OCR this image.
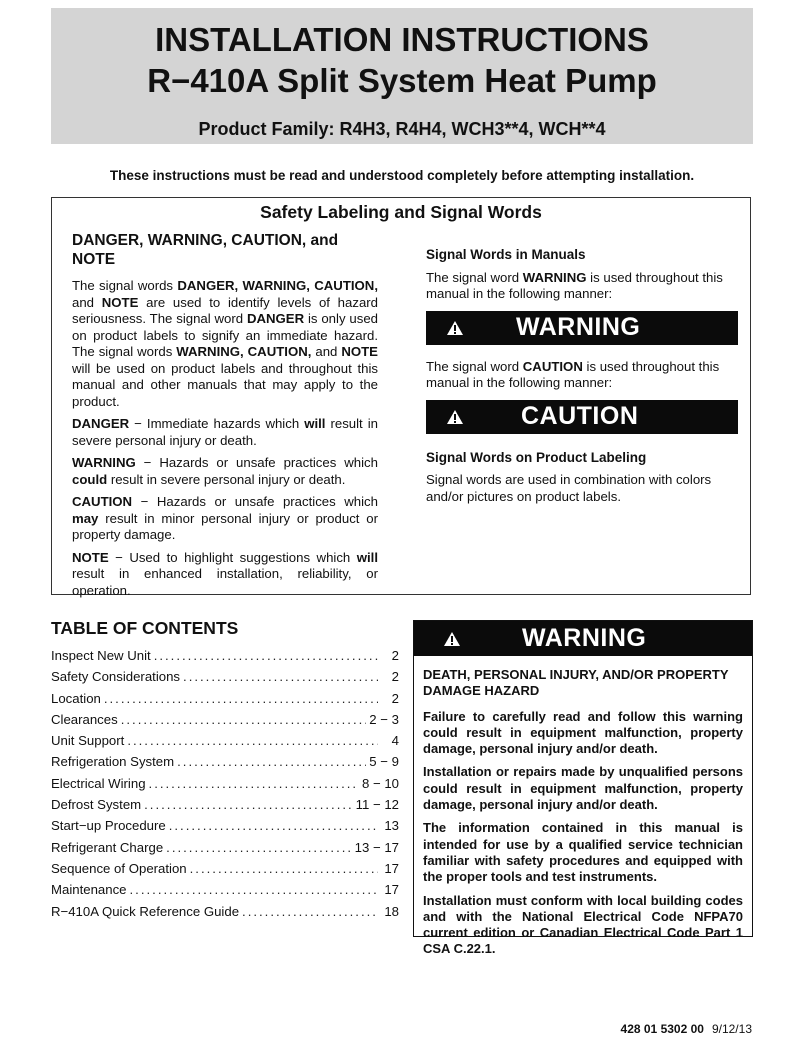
INSTALLATION INSTRUCTIONS
R−410A Split System Heat Pump
Product Family: R4H3, R4H4, WCH3**4, WCH**4
These instructions must be read and understood completely before attempting installation.
Safety Labeling and Signal Words
DANGER, WARNING, CAUTION, and NOTE

The signal words DANGER, WARNING, CAUTION, and NOTE are used to identify levels of hazard seriousness. The signal word DANGER is only used on product labels to signify an immediate hazard. The signal words WARNING, CAUTION, and NOTE will be used on product labels and throughout this manual and other manuals that may apply to the product.

DANGER − Immediate hazards which will result in severe personal injury or death.

WARNING − Hazards or unsafe practices which could result in severe personal injury or death.

CAUTION − Hazards or unsafe practices which may result in minor personal injury or product or property damage.

NOTE − Used to highlight suggestions which will result in enhanced installation, reliability, or operation.

Signal Words in Manuals

The signal word WARNING is used throughout this manual in the following manner:

WARNING

The signal word CAUTION is used throughout this manual in the following manner:

CAUTION
Signal Words on Product Labeling

Signal words are used in combination with colors and/or pictures on product labels.

TABLE OF CONTENTS
Inspect New Unit .....	2
Safety Considerations .....	2
Location .....	2
Clearances .....	2 − 3
Unit Support .....	4
Refrigeration System .....	5 − 9
Electrical Wiring .....	8 − 10
Defrost System .....	11 − 12
Start−up Procedure .....	13
Refrigerant Charge .....	13 − 17
Sequence of Operation .....	17
Maintenance .....	17
R−410A Quick Reference Guide .....	18
WARNING

DEATH, PERSONAL INJURY, AND/OR PROPERTY DAMAGE HAZARD

Failure to carefully read and follow this warning could result in equipment malfunction, property damage, personal injury and/or death.

Installation or repairs made by unqualified persons could result in equipment malfunction, property damage, personal injury and/or death.

The information contained in this manual is intended for use by a qualified service technician familiar with safety procedures and equipped with the proper tools and test instruments.

Installation must conform with local building codes and with the National Electrical Code NFPA70 current edition or Canadian Electrical Code Part 1 CSA C.22.1.

428 01 5302 00 9/12/13
